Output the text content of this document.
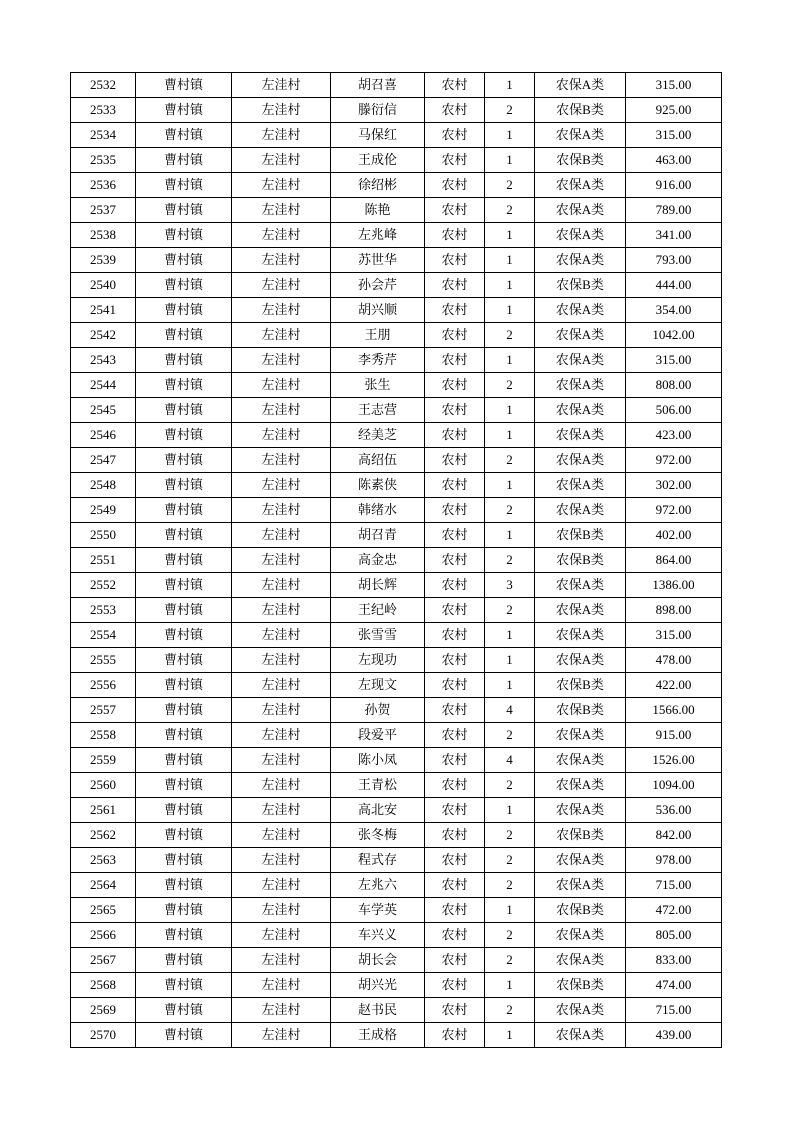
2532	曹村镇	左洼村	胡召喜	农村	1	农保A类	315.00
2533	曹村镇	左洼村	滕衍信	农村	2	农保B类	925.00
2534	曹村镇	左洼村	马保红	农村	1	农保A类	315.00
2535	曹村镇	左洼村	王成伦	农村	1	农保B类	463.00
2536	曹村镇	左洼村	徐绍彬	农村	2	农保A类	916.00
2537	曹村镇	左洼村	陈艳	农村	2	农保A类	789.00
2538	曹村镇	左洼村	左兆峰	农村	1	农保A类	341.00
2539	曹村镇	左洼村	苏世华	农村	1	农保A类	793.00
2540	曹村镇	左洼村	孙会芹	农村	1	农保B类	444.00
2541	曹村镇	左洼村	胡兴顺	农村	1	农保A类	354.00
2542	曹村镇	左洼村	王朋	农村	2	农保A类	1042.00
2543	曹村镇	左洼村	李秀芹	农村	1	农保A类	315.00
2544	曹村镇	左洼村	张生	农村	2	农保A类	808.00
2545	曹村镇	左洼村	王志营	农村	1	农保A类	506.00
2546	曹村镇	左洼村	经美芝	农村	1	农保A类	423.00
2547	曹村镇	左洼村	高绍伍	农村	2	农保A类	972.00
2548	曹村镇	左洼村	陈素侠	农村	1	农保A类	302.00
2549	曹村镇	左洼村	韩绪水	农村	2	农保A类	972.00
2550	曹村镇	左洼村	胡召青	农村	1	农保B类	402.00
2551	曹村镇	左洼村	高金忠	农村	2	农保B类	864.00
2552	曹村镇	左洼村	胡长辉	农村	3	农保A类	1386.00
2553	曹村镇	左洼村	王纪岭	农村	2	农保A类	898.00
2554	曹村镇	左洼村	张雪雪	农村	1	农保A类	315.00
2555	曹村镇	左洼村	左现功	农村	1	农保A类	478.00
2556	曹村镇	左洼村	左现文	农村	1	农保B类	422.00
2557	曹村镇	左洼村	孙贺	农村	4	农保B类	1566.00
2558	曹村镇	左洼村	段爱平	农村	2	农保A类	915.00
2559	曹村镇	左洼村	陈小凤	农村	4	农保A类	1526.00
2560	曹村镇	左洼村	王青松	农村	2	农保A类	1094.00
2561	曹村镇	左洼村	高北安	农村	1	农保A类	536.00
2562	曹村镇	左洼村	张冬梅	农村	2	农保B类	842.00
2563	曹村镇	左洼村	程式存	农村	2	农保A类	978.00
2564	曹村镇	左洼村	左兆六	农村	2	农保A类	715.00
2565	曹村镇	左洼村	车学英	农村	1	农保B类	472.00
2566	曹村镇	左洼村	车兴义	农村	2	农保A类	805.00
2567	曹村镇	左洼村	胡长会	农村	2	农保A类	833.00
2568	曹村镇	左洼村	胡兴光	农村	1	农保B类	474.00
2569	曹村镇	左洼村	赵书民	农村	2	农保A类	715.00
2570	曹村镇	左洼村	王成格	农村	1	农保A类	439.00
